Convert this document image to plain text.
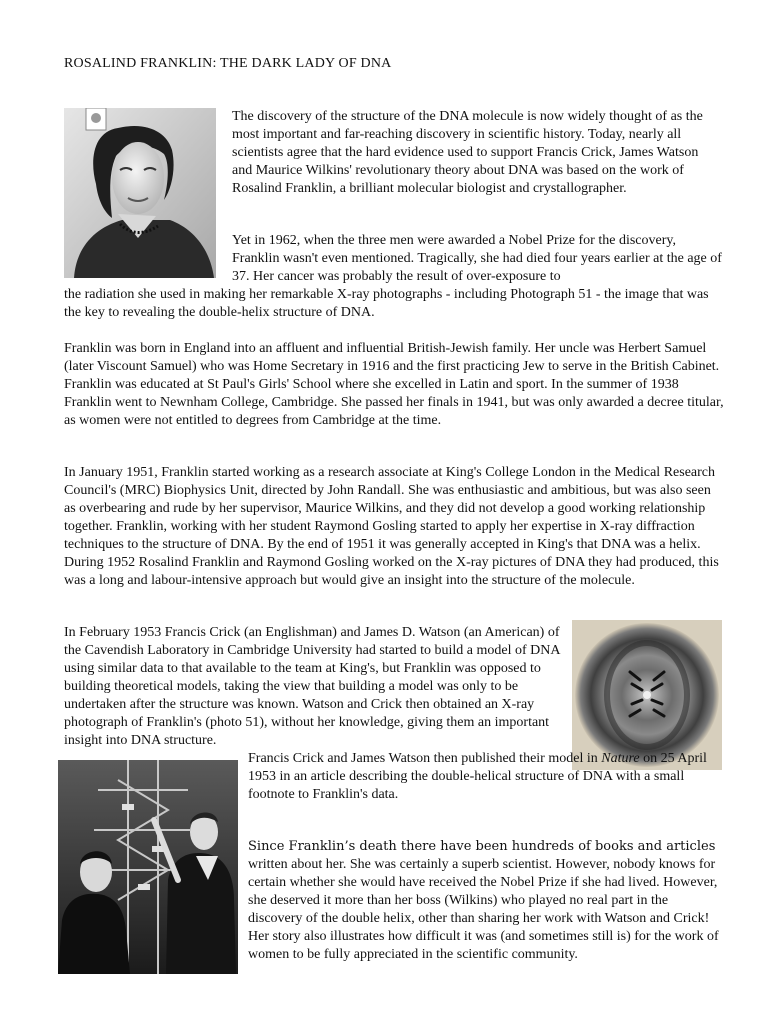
ROSALIND FRANKLIN: THE DARK LADY OF DNA

The discovery of the structure of the DNA molecule is now widely thought of as the most important and far-reaching discovery in scientific history. Today, nearly all scientists agree that the hard evidence used to support Francis Crick, James Watson and Maurice Wilkins' revolutionary theory about DNA was based on the work of Rosalind Franklin, a brilliant molecular biologist and crystallographer.

Yet in 1962, when the three men were awarded a Nobel Prize for the discovery, Franklin wasn't even mentioned. Tragically, she had died four years earlier at the age of 37. Her cancer was probably the result of over-exposure to

the radiation she used in making her remarkable X-ray photographs - including Photograph 51 - the image that was the key to revealing the double-helix structure of DNA.

Franklin was born in England into an affluent and influential British-Jewish family. Her uncle was Herbert Samuel (later Viscount Samuel) who was Home Secretary in 1916 and the first practicing Jew to serve in the British Cabinet. Franklin was educated at St Paul's Girls' School where she excelled in Latin and sport. In the summer of 1938 Franklin went to Newnham College, Cambridge. She passed her finals in 1941, but was only awarded a decree titular, as women were not entitled to degrees from Cambridge at the time.

In January 1951, Franklin started working as a research associate at King's College London in the Medical Research Council's (MRC) Biophysics Unit, directed by John Randall. She was enthusiastic and ambitious, but was also seen as overbearing and rude by her supervisor, Maurice Wilkins, and they did not develop a good working relationship together. Franklin, working with her student Raymond Gosling started to apply her expertise in X-ray diffraction techniques to the structure of DNA. By the end of 1951 it was generally accepted in King's that DNA was a helix. During 1952 Rosalind Franklin and Raymond Gosling worked on the X-ray pictures of DNA they had produced, this was a long and labour-intensive approach but would give an insight into the structure of the molecule.

In February 1953 Francis Crick (an Englishman) and James D. Watson (an American) of the Cavendish Laboratory in Cambridge University had started to build a model of DNA using similar data to that available to the team at King's, but Franklin was opposed to building theoretical models, taking the view that building a model was only to be undertaken after the structure was known. Watson and Crick then obtained an X-ray photograph of Franklin's (photo 51), without her knowledge, giving them an important insight into DNA structure.

Francis Crick and James Watson then published their model in Nature on 25 April 1953 in an article describing the double-helical structure of DNA with a small footnote to Franklin's data.

Since Franklin’s death there have been hundreds of books and articles written about her. She was certainly a superb scientist. However, nobody knows for certain whether she would have received the Nobel Prize if she had lived. However, she deserved it more than her boss (Wilkins) who played no real part in the discovery of the double helix, other than sharing her work with Watson and Crick! Her story also illustrates how difficult it was (and sometimes still is) for the work of women to be fully appreciated in the scientific community.
